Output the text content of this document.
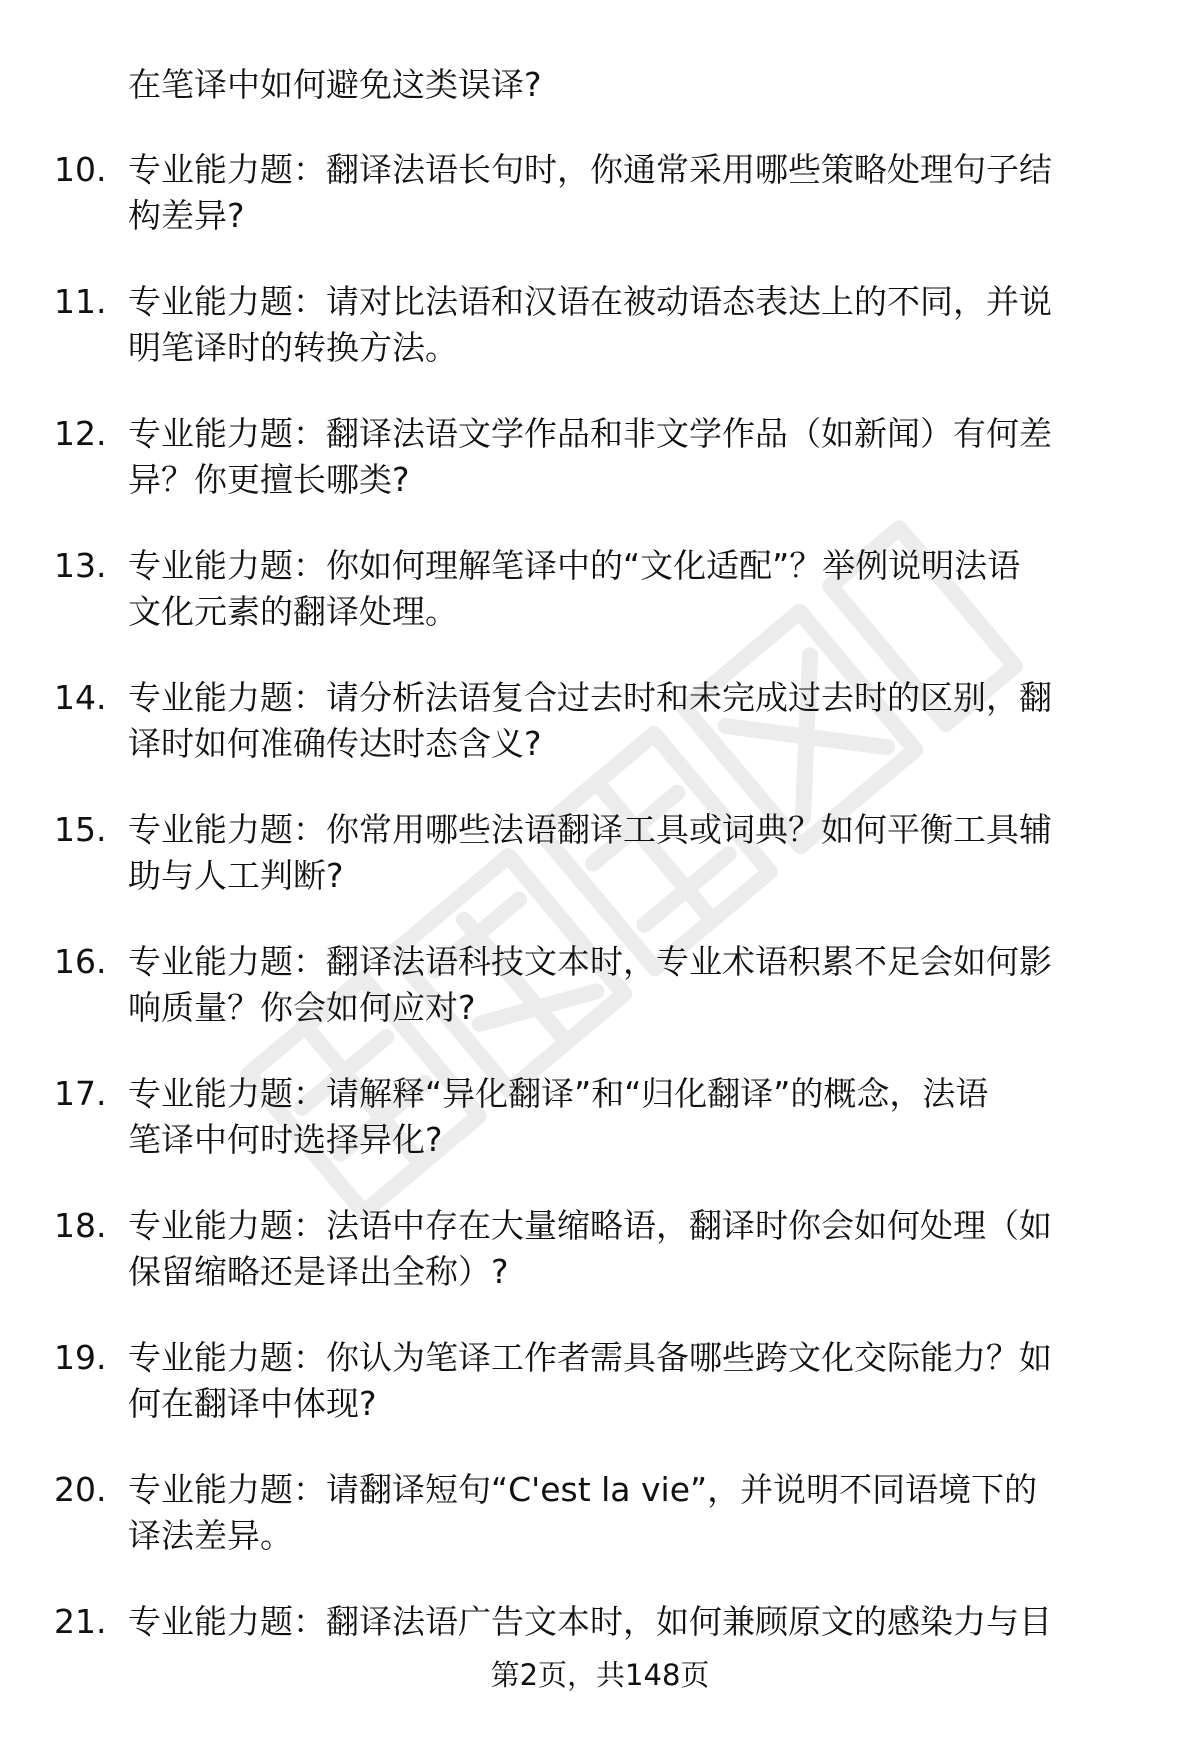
在笔译中如何避免这类误译?

10. 专业能力题：翻译法语长句时，你通常采用哪些策略处理句子结
构差异?
11. 专业能力题：请对比法语和汉语在被动语态表达上的不同，并说
明笔译时的转换方法。
12. 专业能力题：翻译法语文学作品和非文学作品（如新闻）有何差
异？你更擅长哪类?
13. 专业能力题：你如何理解笔译中的“文化适配”？举例说明法语
文化元素的翻译处理。
14. 专业能力题：请分析法语复合过去时和未完成过去时的区别，翻
译时如何准确传达时态含义?
15. 专业能力题：你常用哪些法语翻译工具或词典？如何平衡工具辅
助与人工判断?
16. 专业能力题：翻译法语科技文本时，专业术语积累不足会如何影
响质量？你会如何应对?
17. 专业能力题：请解释“异化翻译”和“归化翻译”的概念，法语
笔译中何时选择异化?
18. 专业能力题：法语中存在大量缩略语，翻译时你会如何处理（如
保留缩略还是译出全称）?
19. 专业能力题：你认为笔译工作者需具备哪些跨文化交际能力？如
何在翻译中体现?
20. 专业能力题：请翻译短句“C'est la vie”，并说明不同语境下的
译法差异。
21. 专业能力题：翻译法语广告文本时，如何兼顾原文的感染力与目
第2页，共148页
